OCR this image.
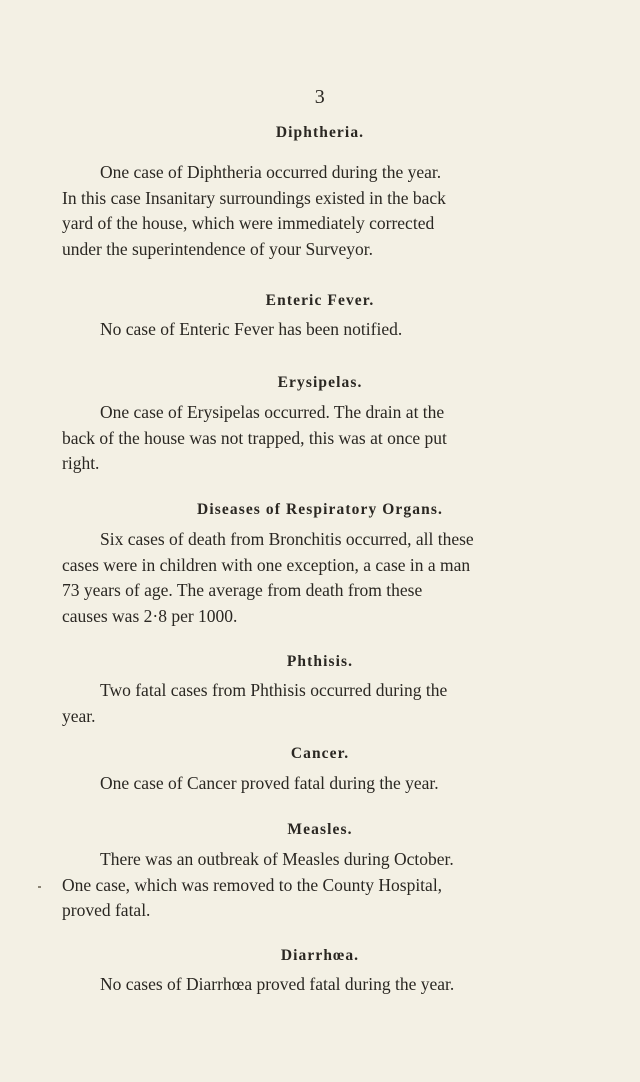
3
Diphtheria.
One case of Diphtheria occurred during the year.
In this case Insanitary surroundings existed in the back
yard of the house, which were immediately corrected
under the superintendence of your Surveyor.
Enteric Fever.
No case of Enteric Fever has been notified.
Erysipelas.
One case of Erysipelas occurred. The drain at the
back of the house was not trapped, this was at once put
right.
Diseases of Respiratory Organs.
Six cases of death from Bronchitis occurred, all these
cases were in children with one exception, a case in a man
73 years of age. The average from death from these
causes was 2·8 per 1000.
Phthisis.
Two fatal cases from Phthisis occurred during the
year.
Cancer.
One case of Cancer proved fatal during the year.
Measles.
There was an outbreak of Measles during October.
One case, which was removed to the County Hospital,
proved fatal.
Diarrhœa.
No cases of Diarrhœa proved fatal during the year.
